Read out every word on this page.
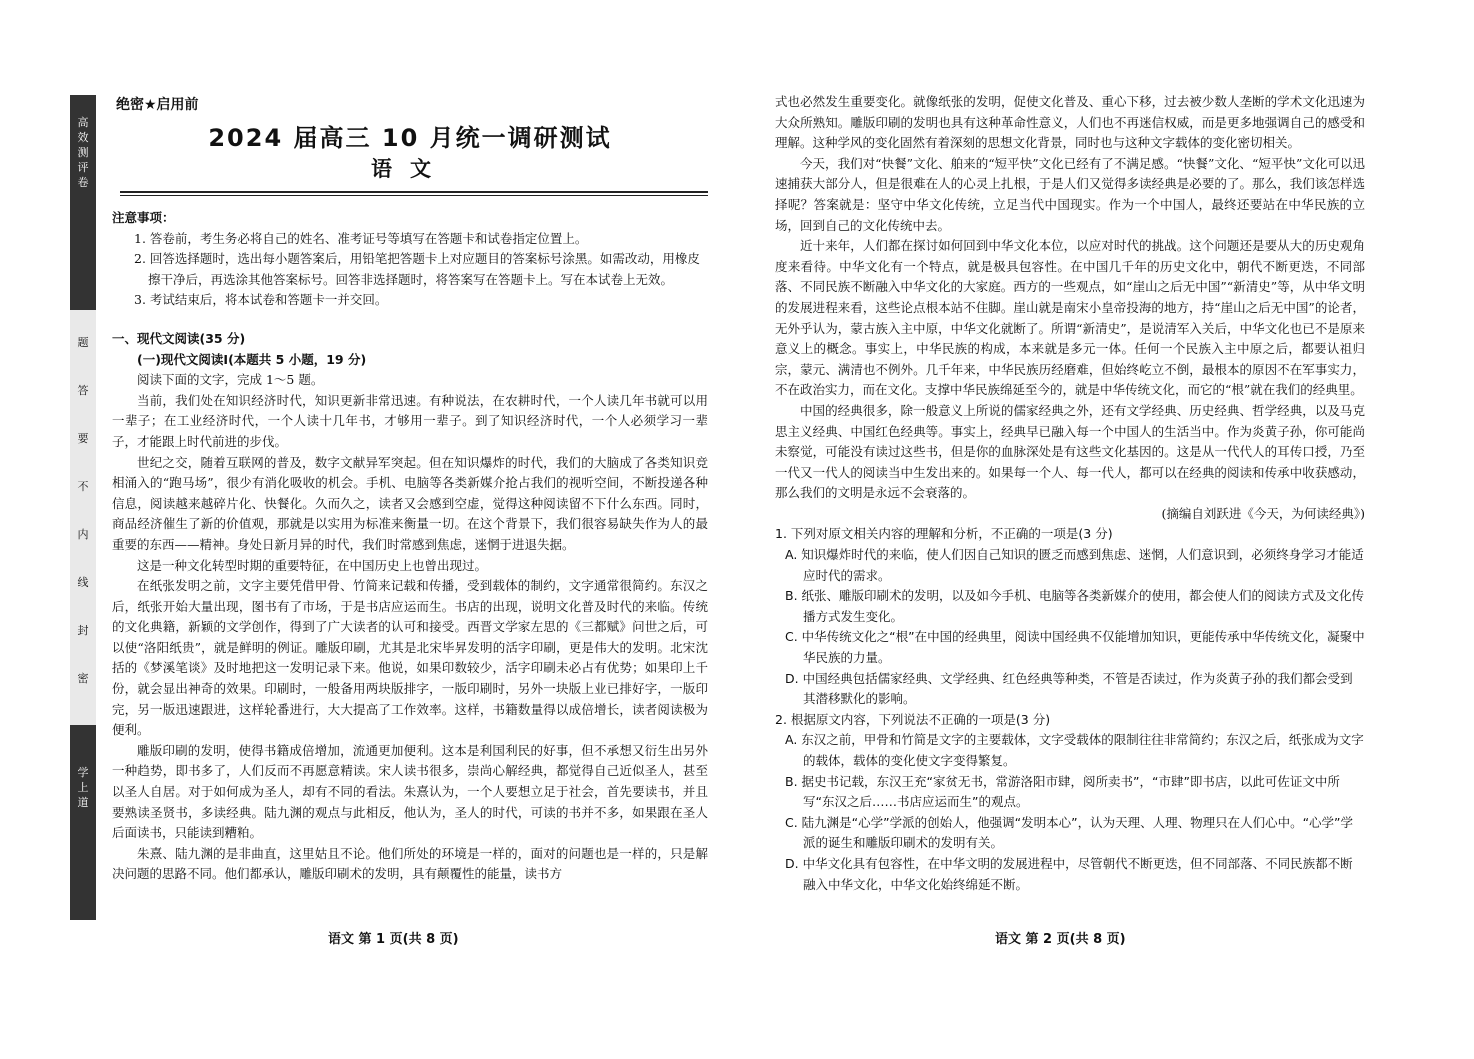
高效测评卷
题
答
要
不
内
线
封
密
学上道
绝密★启用前
2024 届高三 10 月统一调研测试
语文
注意事项：
1. 答卷前，考生务必将自己的姓名、准考证号等填写在答题卡和试卷指定位置上。
2. 回答选择题时，选出每小题答案后，用铅笔把答题卡上对应题目的答案标号涂黑。如需改动，用橡皮擦干净后，再选涂其他答案标号。回答非选择题时，将答案写在答题卡上。写在本试卷上无效。
3. 考试结束后，将本试卷和答题卡一并交回。
一、现代文阅读(35 分)
(一)现代文阅读Ⅰ(本题共 5 小题，19 分)

阅读下面的文字，完成 1～5 题。

当前，我们处在知识经济时代，知识更新非常迅速。有种说法，在农耕时代，一个人读几年书就可以用一辈子；在工业经济时代，一个人读十几年书，才够用一辈子。到了知识经济时代，一个人必须学习一辈子，才能跟上时代前进的步伐。

世纪之交，随着互联网的普及，数字文献异军突起。但在知识爆炸的时代，我们的大脑成了各类知识竞相涌入的“跑马场”，很少有消化吸收的机会。手机、电脑等各类新媒介抢占我们的视听空间，不断投递各种信息，阅读越来越碎片化、快餐化。久而久之，读者又会感到空虚，觉得这种阅读留不下什么东西。同时，商品经济催生了新的价值观，那就是以实用为标准来衡量一切。在这个背景下，我们很容易缺失作为人的最重要的东西——精神。身处日新月异的时代，我们时常感到焦虑，迷惘于进退失据。

这是一种文化转型时期的重要特征，在中国历史上也曾出现过。

在纸张发明之前，文字主要凭借甲骨、竹简来记载和传播，受到载体的制约，文字通常很简约。东汉之后，纸张开始大量出现，图书有了市场，于是书店应运而生。书店的出现，说明文化普及时代的来临。传统的文化典籍，新颖的文学创作，得到了广大读者的认可和接受。西晋文学家左思的《三都赋》问世之后，可以使“洛阳纸贵”，就是鲜明的例证。雕版印刷，尤其是北宋毕昇发明的活字印刷，更是伟大的发明。北宋沈括的《梦溪笔谈》及时地把这一发明记录下来。他说，如果印数较少，活字印刷未必占有优势；如果印上千份，就会显出神奇的效果。印刷时，一般备用两块版排字，一版印刷时，另外一块版上业已排好字，一版印完，另一版迅速跟进，这样轮番进行，大大提高了工作效率。这样，书籍数量得以成倍增长，读者阅读极为便利。

雕版印刷的发明，使得书籍成倍增加，流通更加便利。这本是利国利民的好事，但不承想又衍生出另外一种趋势，即书多了，人们反而不再愿意精读。宋人读书很多，崇尚心解经典，都觉得自己近似圣人，甚至以圣人自居。对于如何成为圣人，却有不同的看法。朱熹认为，一个人要想立足于社会，首先要读书，并且要熟读圣贤书，多读经典。陆九渊的观点与此相反，他认为，圣人的时代，可读的书并不多，如果跟在圣人后面读书，只能读到糟粕。

朱熹、陆九渊的是非曲直，这里姑且不论。他们所处的环境是一样的，面对的问题也是一样的，只是解决问题的思路不同。他们都承认，雕版印刷术的发明，具有颠覆性的能量，读书方

语文 第 1 页(共 8 页)

式也必然发生重要变化。就像纸张的发明，促使文化普及、重心下移，过去被少数人垄断的学术文化迅速为大众所熟知。雕版印刷的发明也具有这种革命性意义，人们也不再迷信权威，而是更多地强调自己的感受和理解。这种学风的变化固然有着深刻的思想文化背景，同时也与这种文字载体的变化密切相关。

今天，我们对“快餐”文化、舶来的“短平快”文化已经有了不满足感。“快餐”文化、“短平快”文化可以迅速捕获大部分人，但是很难在人的心灵上扎根，于是人们又觉得多读经典是必要的了。那么，我们该怎样选择呢？答案就是：坚守中华文化传统，立足当代中国现实。作为一个中国人，最终还要站在中华民族的立场，回到自己的文化传统中去。

近十来年，人们都在探讨如何回到中华文化本位，以应对时代的挑战。这个问题还是要从大的历史观角度来看待。中华文化有一个特点，就是极具包容性。在中国几千年的历史文化中，朝代不断更迭，不同部落、不同民族不断融入中华文化的大家庭。西方的一些观点，如“崖山之后无中国”“新清史”等，从中华文明的发展进程来看，这些论点根本站不住脚。崖山就是南宋小皇帝投海的地方，持“崖山之后无中国”的论者，无外乎认为，蒙古族入主中原，中华文化就断了。所谓“新清史”，是说清军入关后，中华文化也已不是原来意义上的概念。事实上，中华民族的构成，本来就是多元一体。任何一个民族入主中原之后，都要认祖归宗，蒙元、满清也不例外。几千年来，中华民族历经磨难，但始终屹立不倒，最根本的原因不在军事实力，不在政治实力，而在文化。支撑中华民族绵延至今的，就是中华传统文化，而它的“根”就在我们的经典里。

中国的经典很多，除一般意义上所说的儒家经典之外，还有文学经典、历史经典、哲学经典，以及马克思主义经典、中国红色经典等。事实上，经典早已融入每一个中国人的生活当中。作为炎黄子孙，你可能尚未察觉，可能没有读过这些书，但是你的血脉深处是有这些文化基因的。这是从一代代人的耳传口授，乃至一代又一代人的阅读当中生发出来的。如果每一个人、每一代人，都可以在经典的阅读和传承中收获感动，那么我们的文明是永远不会衰落的。

(摘编自刘跃进《今天，为何读经典》)

1. 下列对原文相关内容的理解和分析，不正确的一项是(3 分)
A. 知识爆炸时代的来临，使人们因自己知识的匮乏而感到焦虑、迷惘，人们意识到，必须终身学习才能适应时代的需求。
B. 纸张、雕版印刷术的发明，以及如今手机、电脑等各类新媒介的使用，都会使人们的阅读方式及文化传播方式发生变化。
C. 中华传统文化之“根”在中国的经典里，阅读中国经典不仅能增加知识，更能传承中华传统文化，凝聚中华民族的力量。
D. 中国经典包括儒家经典、文学经典、红色经典等种类，不管是否读过，作为炎黄子孙的我们都会受到其潜移默化的影响。
2. 根据原文内容，下列说法不正确的一项是(3 分)
A. 东汉之前，甲骨和竹简是文字的主要载体，文字受载体的限制往往非常简约；东汉之后，纸张成为文字的载体，载体的变化使文字变得繁复。
B. 据史书记载，东汉王充“家贫无书，常游洛阳市肆，阅所卖书”，“市肆”即书店，以此可佐证文中所写“东汉之后……书店应运而生”的观点。
C. 陆九渊是“心学”学派的创始人，他强调“发明本心”，认为天理、人理、物理只在人们心中。“心学”学派的诞生和雕版印刷术的发明有关。
D. 中华文化具有包容性，在中华文明的发展进程中，尽管朝代不断更迭，但不同部落、不同民族都不断融入中华文化，中华文化始终绵延不断。
语文 第 2 页(共 8 页)
